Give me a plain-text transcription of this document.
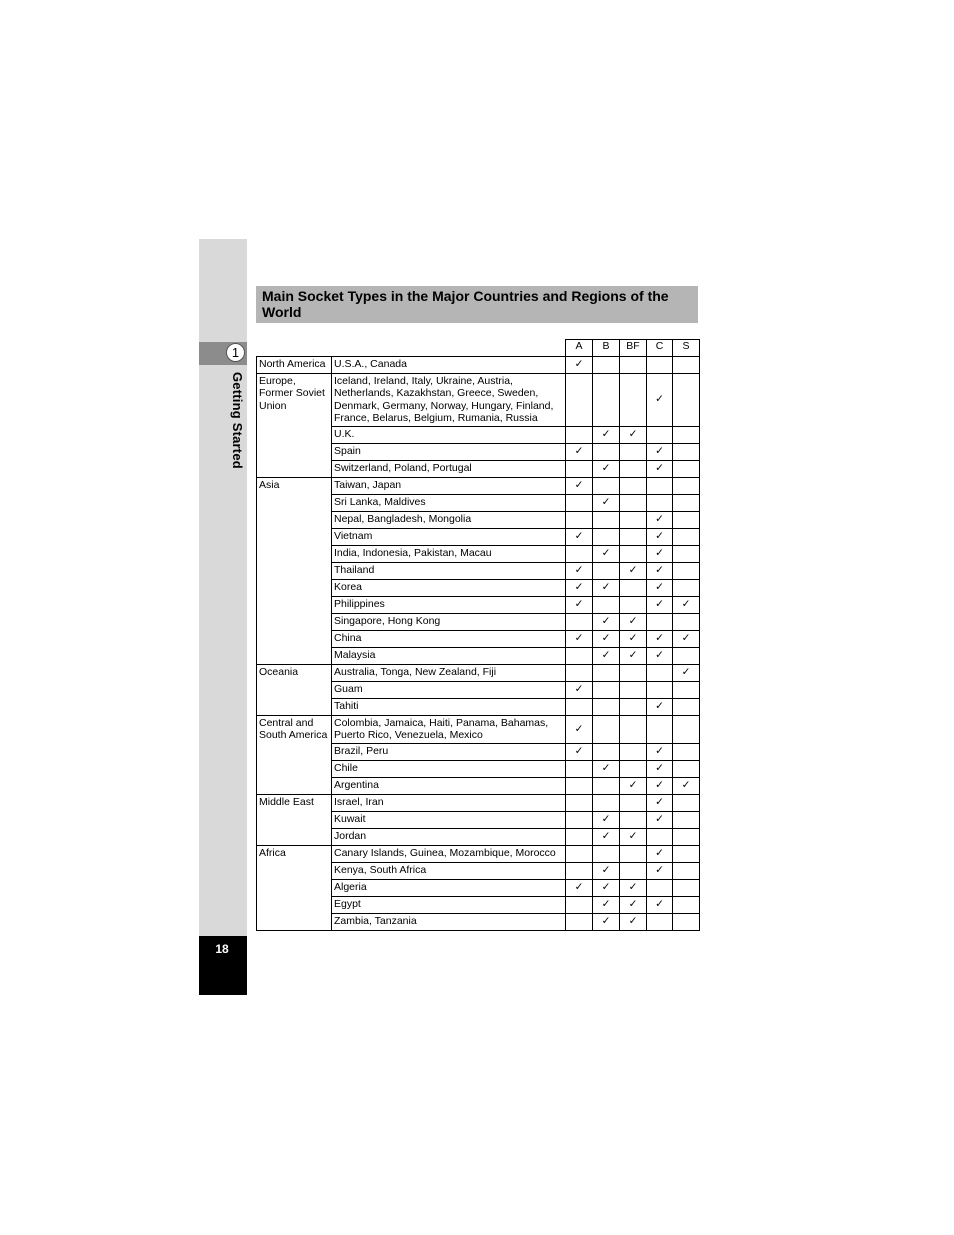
1
Getting Started
18
Main Socket Types in the Major Countries and Regions of the World
		A	B	BF	C	S
North America	U.S.A., Canada	✓				
Europe, Former Soviet Union	Iceland, Ireland, Italy, Ukraine, Austria, Netherlands, Kazakhstan, Greece, Sweden, Denmark, Germany, Norway, Hungary, Finland, France, Belarus, Belgium, Rumania, Russia				✓	
	U.K.		✓	✓		
	Spain	✓			✓	
	Switzerland, Poland, Portugal		✓		✓	
Asia	Taiwan, Japan	✓				
	Sri Lanka, Maldives		✓			
	Nepal, Bangladesh, Mongolia				✓	
	Vietnam	✓			✓	
	India, Indonesia, Pakistan, Macau		✓		✓	
	Thailand	✓		✓	✓	
	Korea	✓	✓		✓	
	Philippines	✓			✓	✓
	Singapore, Hong Kong		✓	✓		
	China	✓	✓	✓	✓	✓
	Malaysia		✓	✓	✓	
Oceania	Australia, Tonga, New Zealand, Fiji					✓
	Guam	✓				
	Tahiti				✓	
Central and South America	Colombia, Jamaica, Haiti, Panama, Bahamas, Puerto Rico, Venezuela, Mexico	✓				
	Brazil, Peru	✓			✓	
	Chile		✓		✓	
	Argentina			✓	✓	✓
Middle East	Israel, Iran				✓	
	Kuwait		✓		✓	
	Jordan		✓	✓		
Africa	Canary Islands, Guinea, Mozambique, Morocco				✓	
	Kenya, South Africa		✓		✓	
	Algeria	✓	✓	✓		
	Egypt		✓	✓	✓	
	Zambia, Tanzania		✓	✓		
